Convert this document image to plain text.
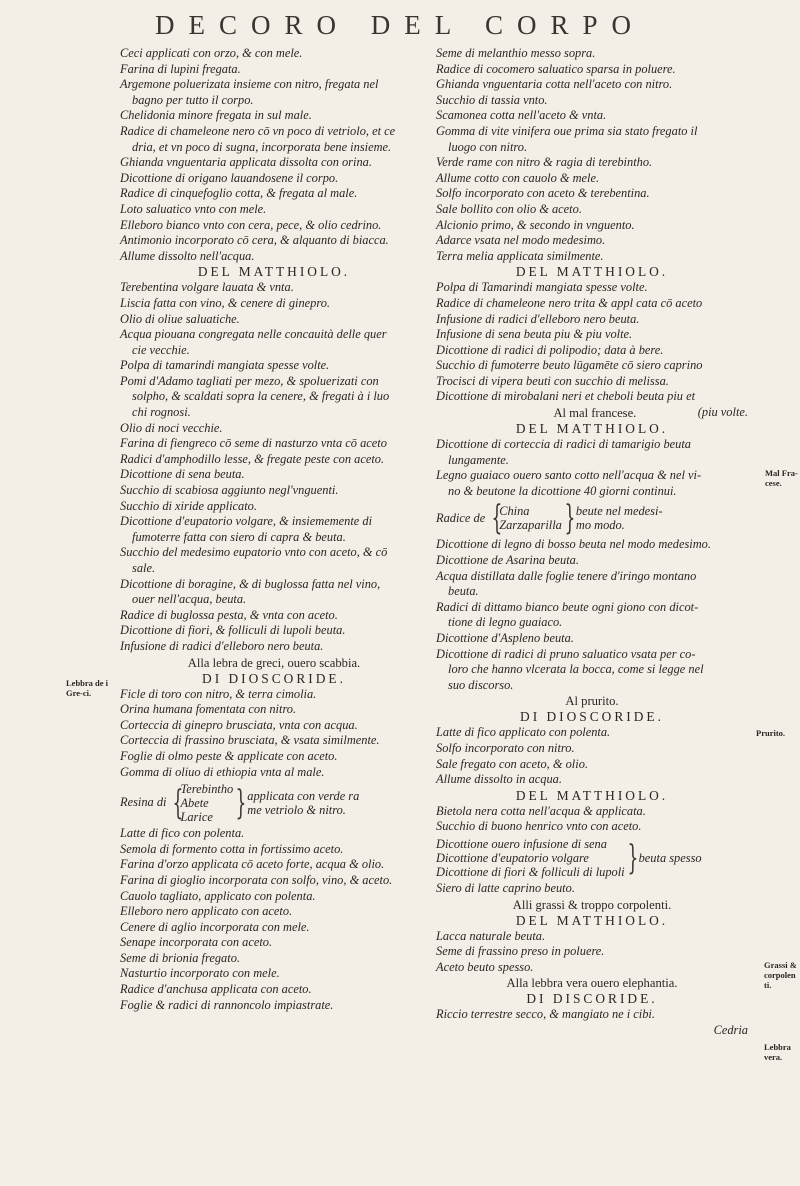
DECORO DEL CORPO
Ceci applicati con orzo, & con mele.
Farina di lupini fregata.
Argemone poluerizata insieme con nitro, fregata nel
bagno per tutto il corpo.
Chelidonia minore fregata in sul male.
Radice di chameleone nero cō vn poco di vetriolo, et ce
dria, et vn poco di sugna, incorporata bene insieme.
Ghianda vnguentaria applicata dissolta con orina.
Dicottione di origano lauandosene il corpo.
Radice di cinquefoglio cotta, & fregata al male.
Loto saluatico vnto con mele.
Elleboro bianco vnto con cera, pece, & olio cedrino.
Antimonio incorporato cō cera, & alquanto di biacca.
Allume dissolto nell'acqua.
DEL MATTHIOLO.
Terebentina volgare lauata & vnta.
Liscia fatta con vino, & cenere di ginepro.
Olio di oliue saluatiche.
Acqua piouana congregata nelle concauità delle quer
cie vecchie.
Polpa di tamarindi mangiata spesse volte.
Pomi d'Adamo tagliati per mezo, & spoluerizati con
solpho, & scaldati sopra la cenere, & fregati à i luo
chi rognosi.
Olio di noci vecchie.
Farina di fiengreco cō seme di nasturzo vnta cō aceto
Radici d'amphodillo lesse, & fregate peste con aceto.
Dicottione di sena beuta.
Succhio di scabiosa aggiunto negl'vnguenti.
Succhio di xiride applicato.
Dicottione d'eupatorio volgare, & insiememente di
fumoterre fatta con siero di capra & beuta.
Succhio del medesimo eupatorio vnto con aceto, & cō
sale.
Dicottione di boragine, & di buglossa fatta nel vino,
ouer nell'acqua, beuta.
Radice di buglossa pesta, & vnta con aceto.
Dicottione di fiori, & folliculi di lupoli beuta.
Infusione di radici d'elleboro nero beuta.
Alla lebra de greci, ouero scabbia.
DI DIOSCORIDE.
Ficle di toro con nitro, & terra cimolia.
Orina humana fomentata con nitro.
Corteccia di ginepro brusciata, vnta con acqua.
Corteccia di frassino brusciata, & vsata similmente.
Foglie di olmo peste & applicate con aceto.
Gomma di oliuo di ethiopia vnta al male.
Resina di {
Terebintho
Abete
Larice } applicata con verde ra
me vetriolo & nitro.
Latte di fico con polenta.
Semola di formento cotta in fortissimo aceto.
Farina d'orzo applicata cō aceto forte, acqua & olio.
Farina di gioglio incorporata con solfo, vino, & aceto.
Cauolo tagliato, applicato con polenta.
Elleboro nero applicato con aceto.
Cenere di aglio incorporata con mele.
Senape incorporata con aceto.
Seme di brionia fregato.
Nasturtio incorporato con mele.
Radice d'anchusa applicata con aceto.
Foglie & radici di rannoncolo impiastrate.
Seme di melanthio messo sopra.
Radice di cocomero saluatico sparsa in poluere.
Ghianda vnguentaria cotta nell'aceto con nitro.
Succhio di tassia vnto.
Scamonea cotta nell'aceto & vnta.
Gomma di vite vinifera oue prima sia stato fregato il
luogo con nitro.
Verde rame con nitro & ragia di terebintho.
Allume cotto con cauolo & mele.
Solfo incorporato con aceto & terebentina.
Sale bollito con olio & aceto.
Alcionio primo, & secondo in vnguento.
Adarce vsata nel modo medesimo.
Terra melia applicata similmente.
DEL MATTHIOLO.
Polpa di Tamarindi mangiata spesse volte.
Radice di chameleone nero trita & appl cata cō aceto
Infusione di radici d'elleboro nero beuta.
Infusione di sena beuta piu & piu volte.
Dicottione di radici di polipodio; data à bere.
Succhio di fumoterre beuto lūgamēte cō siero caprino
Trocisci di vipera beuti con succhio di melissa.
Dicottione di mirobalani neri et cheboli beuta piu et
Al mal francese.	(piu volte.
DEL MATTHIOLO.
Dicottione di corteccia di radici di tamarigio beuta
lungamente.
Legno guaiaco ouero santo cotto nell'acqua & nel vi-
no & beutone la dicottione 40 giorni continui.
Radice de {
China
Zarzaparilla } beute nel medesi-
mo modo.
Dicottione di legno di bosso beuta nel modo medesimo.
Dicottione de Asarina beuta.
Acqua distillata dalle foglie tenere d'iringo montano
beuta.
Radici di dittamo bianco beute ogni giono con dicot-
tione di legno guaiaco.
Dicottione d'Aspleno beuta.
Dicottione di radici di pruno saluatico vsata per co-
loro che hanno vlcerata la bocca, come si legge nel
suo discorso.
Al prurito.
DI DIOSCORIDE.
Latte di fico applicato con polenta.
Solfo incorporato con nitro.
Sale fregato con aceto, & olio.
Allume dissolto in acqua.
DEL MATTHIOLO.
Bietola nera cotta nell'acqua & applicata.
Succhio di buono henrico vnto con aceto.
Dicottione ouero infusione di sena
Dicottione d'eupatorio volgare
Dicottione di fiori & folliculi di lupoli } beuta spesso
Siero di latte caprino beuto.
Alli grassi & troppo corpolenti.
DEL MATTHIOLO.
Lacca naturale beuta.
Seme di frassino preso in poluere.
Aceto beuto spesso.
Alla lebbra vera ouero elephantia.
DI DISCORIDE.
Riccio terrestre secco, & mangiato ne i cibi.
Cedria
Lebbra de i Gre-ci.
Mal Fra-cese.
Prurito.
Grassi & corpolen ti.
Lebbra vera.
